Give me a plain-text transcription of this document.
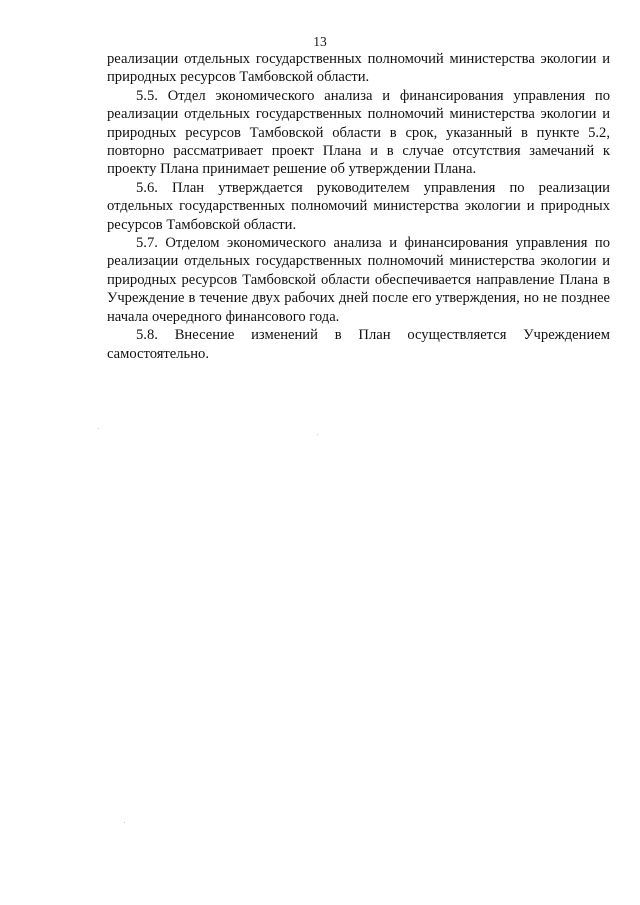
13

реализации отдельных государственных полномочий министерства экологии и природных ресурсов Тамбовской области.

5.5. Отдел экономического анализа и финансирования управления по реализации отдельных государственных полномочий министерства экологии и природных ресурсов Тамбовской области в срок, указанный в пункте 5.2, повторно рассматривает проект Плана и в случае отсутствия замечаний к проекту Плана принимает решение об утверждении Плана.

5.6. План утверждается руководителем управления по реализации отдельных государственных полномочий министерства экологии и природных ресурсов Тамбовской области.

5.7. Отделом экономического анализа и финансирования управления по реализации отдельных государственных полномочий министерства экологии и природных ресурсов Тамбовской области обеспечивается направление Плана в Учреждение в течение двух рабочих дней после его утверждения, но не позднее начала очередного финансового года.

5.8. Внесение изменений в План осуществляется Учреждением самостоятельно.
